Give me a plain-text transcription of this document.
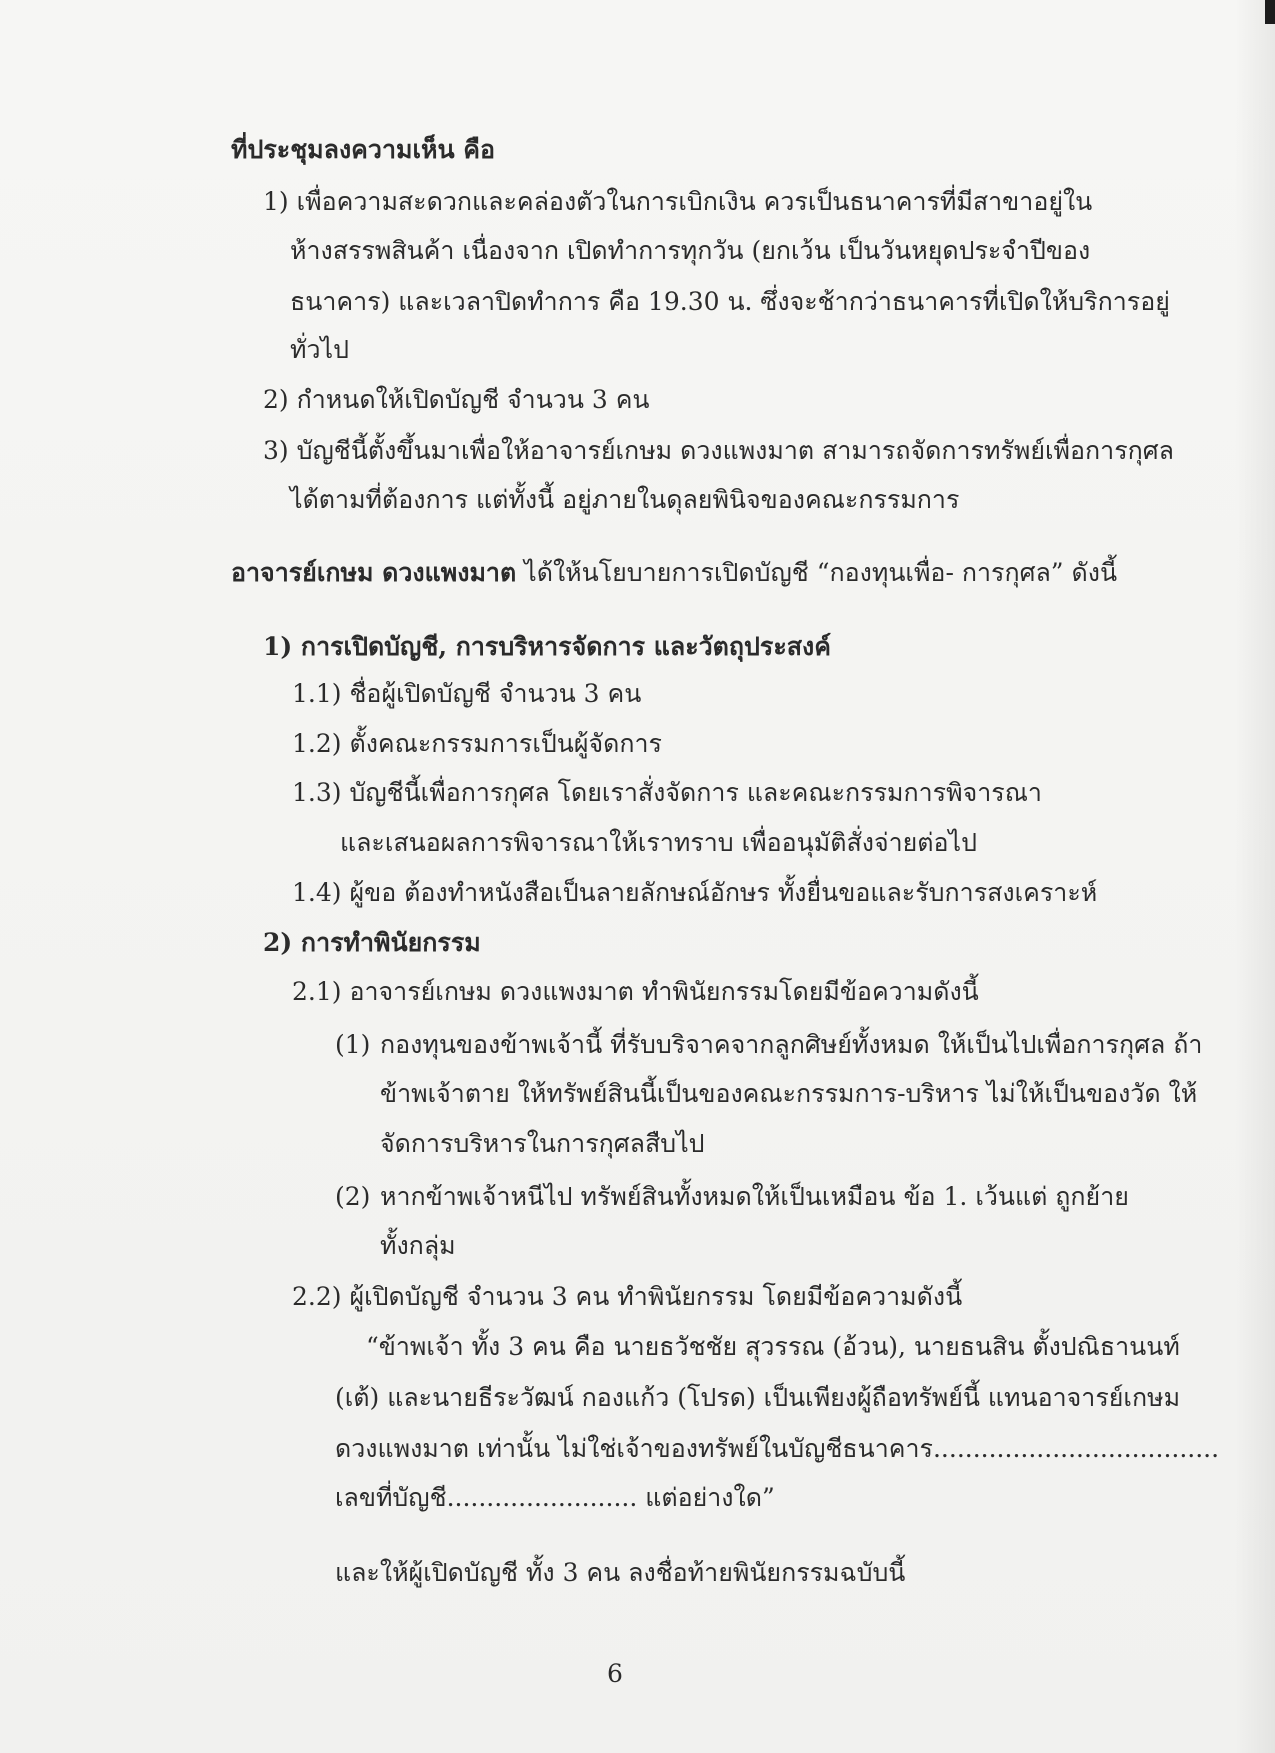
ที่ประชุมลงความเห็น คือ
1) เพื่อความสะดวกและคล่องตัวในการเบิกเงิน ควรเป็นธนาคารที่มีสาขาอยู่ใน
ห้างสรรพสินค้า เนื่องจาก เปิดทำการทุกวัน (ยกเว้น เป็นวันหยุดประจำปีของ
ธนาคาร) และเวลาปิดทำการ คือ 19.30 น. ซึ่งจะช้ากว่าธนาคารที่เปิดให้บริการอยู่
ทั่วไป
2) กำหนดให้เปิดบัญชี จำนวน 3 คน
3) บัญชีนี้ตั้งขึ้นมาเพื่อให้อาจารย์เกษม ดวงแพงมาต สามารถจัดการทรัพย์เพื่อการกุศล
ได้ตามที่ต้องการ แต่ทั้งนี้ อยู่ภายในดุลยพินิจของคณะกรรมการ
อาจารย์เกษม ดวงแพงมาต ได้ให้นโยบายการเปิดบัญชี “กองทุนเพื่อ- การกุศล” ดังนี้
1) การเปิดบัญชี, การบริหารจัดการ และวัตถุประสงค์
1.1) ชื่อผู้เปิดบัญชี จำนวน 3 คน
1.2) ตั้งคณะกรรมการเป็นผู้จัดการ
1.3) บัญชีนี้เพื่อการกุศล โดยเราสั่งจัดการ และคณะกรรมการพิจารณา
และเสนอผลการพิจารณาให้เราทราบ เพื่ออนุมัติสั่งจ่ายต่อไป
1.4) ผู้ขอ ต้องทำหนังสือเป็นลายลักษณ์อักษร ทั้งยื่นขอและรับการสงเคราะห์
2) การทำพินัยกรรม
2.1) อาจารย์เกษม ดวงแพงมาต ทำพินัยกรรมโดยมีข้อความดังนี้
(1) กองทุนของข้าพเจ้านี้ ที่รับบริจาคจากลูกศิษย์ทั้งหมด ให้เป็นไปเพื่อการกุศล ถ้า
ข้าพเจ้าตาย ให้ทรัพย์สินนี้เป็นของคณะกรรมการ-บริหาร ไม่ให้เป็นของวัด ให้
จัดการบริหารในการกุศลสืบไป
(2) หากข้าพเจ้าหนีไป ทรัพย์สินทั้งหมดให้เป็นเหมือน ข้อ 1. เว้นแต่ ถูกย้าย
ทั้งกลุ่ม
2.2) ผู้เปิดบัญชี จำนวน 3 คน ทำพินัยกรรม โดยมีข้อความดังนี้
“ข้าพเจ้า ทั้ง 3 คน คือ นายธวัชชัย สุวรรณ (อ้วน), นายธนสิน ตั้งปณิธานนท์
(เต้) และนายธีระวัฒน์ กองแก้ว (โปรด) เป็นเพียงผู้ถือทรัพย์นี้ แทนอาจารย์เกษม
ดวงแพงมาต เท่านั้น ไม่ใช่เจ้าของทรัพย์ในบัญชีธนาคาร....................................
เลขที่บัญชี........................ แต่อย่างใด”
และให้ผู้เปิดบัญชี ทั้ง 3 คน ลงชื่อท้ายพินัยกรรมฉบับนี้
6
